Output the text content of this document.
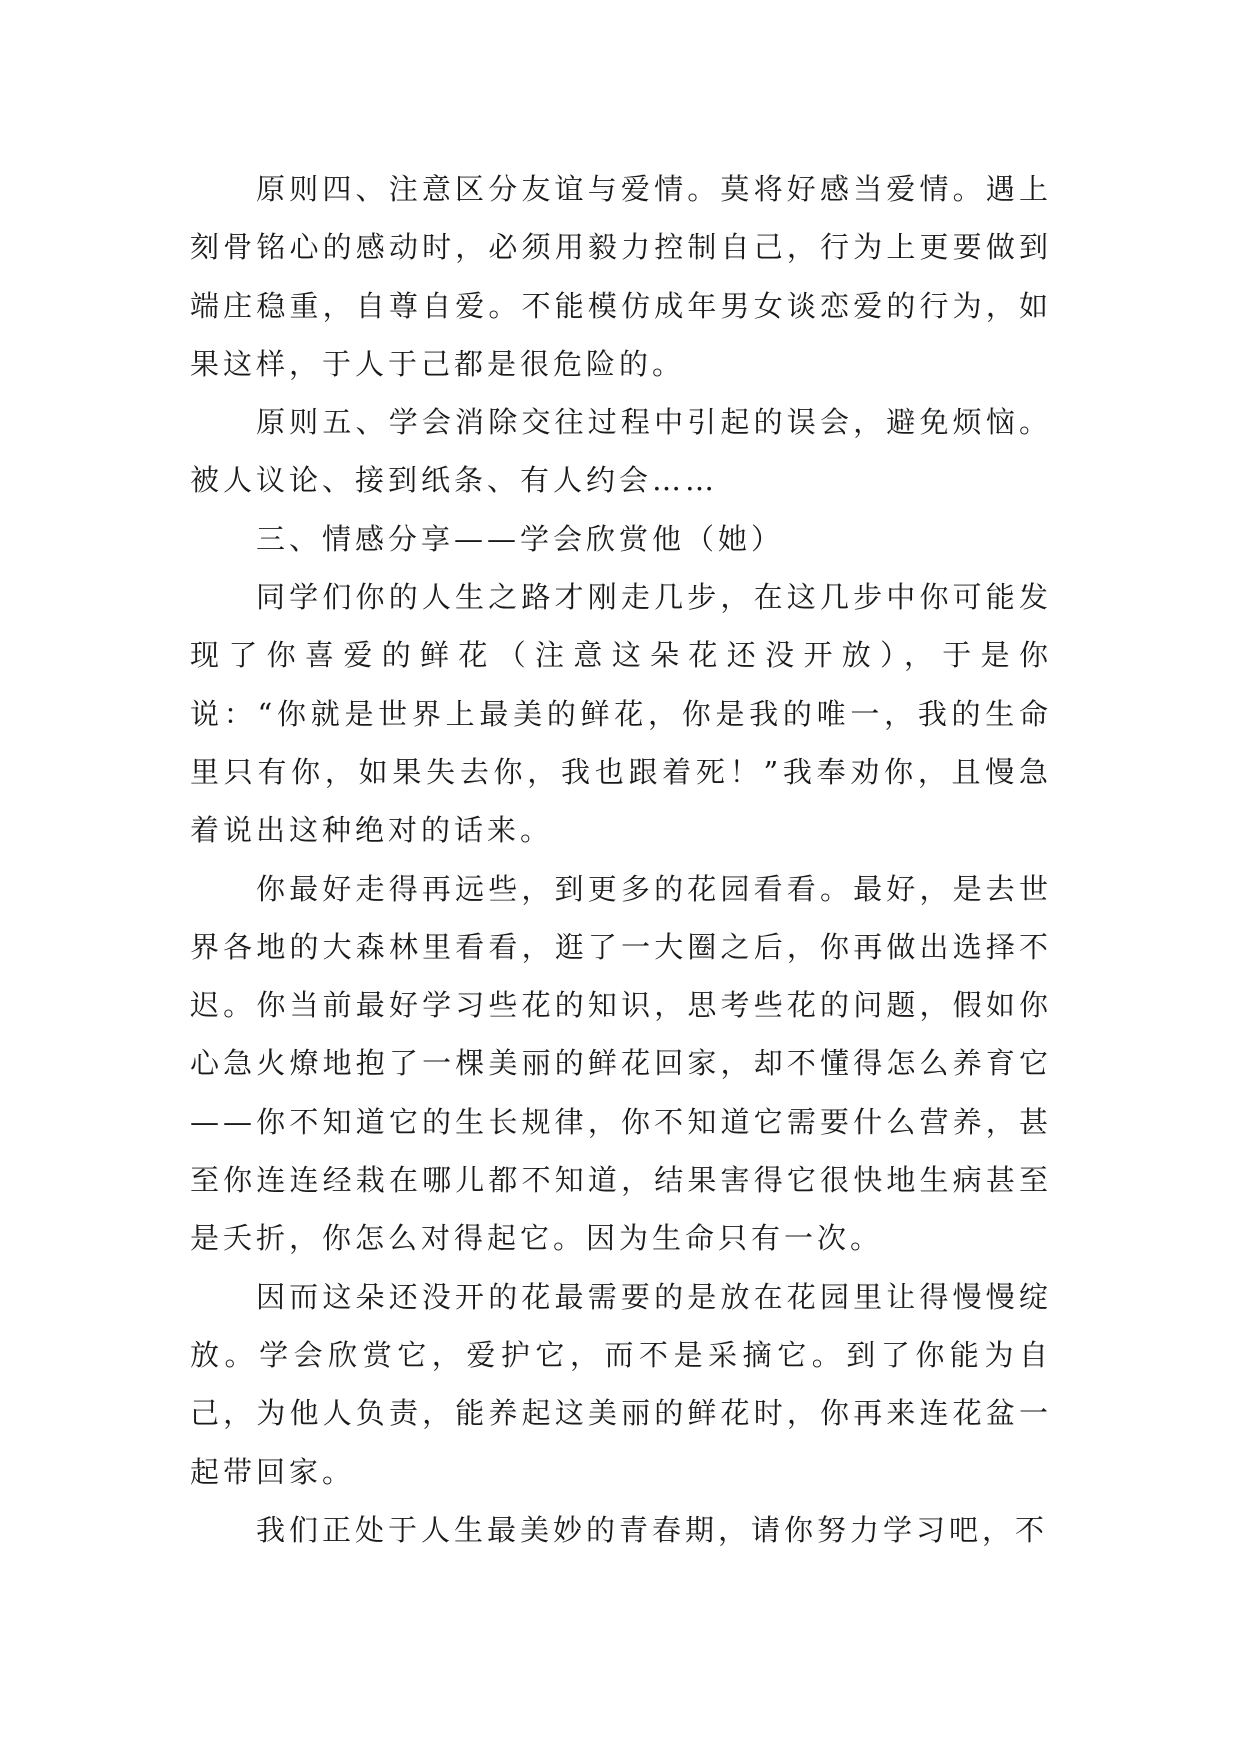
原则四、注意区分友谊与爱情。莫将好感当爱情。遇上刻骨铭心的感动时，必须用毅力控制自己，行为上更要做到端庄稳重，自尊自爱。不能模仿成年男女谈恋爱的行为，如果这样，于人于己都是很危险的。

原则五、学会消除交往过程中引起的误会，避免烦恼。被人议论、接到纸条、有人约会……

三、情感分享——学会欣赏他（她）

同学们你的人生之路才刚走几步，在这几步中你可能发现了你喜爱的鲜花（注意这朵花还没开放），于是你说：“你就是世界上最美的鲜花，你是我的唯一，我的生命里只有你，如果失去你，我也跟着死！”我奉劝你，且慢急着说出这种绝对的话来。

你最好走得再远些，到更多的花园看看。最好，是去世界各地的大森林里看看，逛了一大圈之后，你再做出选择不迟。你当前最好学习些花的知识，思考些花的问题，假如你心急火燎地抱了一棵美丽的鲜花回家，却不懂得怎么养育它——你不知道它的生长规律，你不知道它需要什么营养，甚至你连连经栽在哪儿都不知道，结果害得它很快地生病甚至是夭折，你怎么对得起它。因为生命只有一次。

因而这朵还没开的花最需要的是放在花园里让得慢慢绽放。学会欣赏它，爱护它，而不是采摘它。到了你能为自己，为他人负责，能养起这美丽的鲜花时，你再来连花盆一起带回家。

我们正处于人生最美妙的青春期，请你努力学习吧，不
